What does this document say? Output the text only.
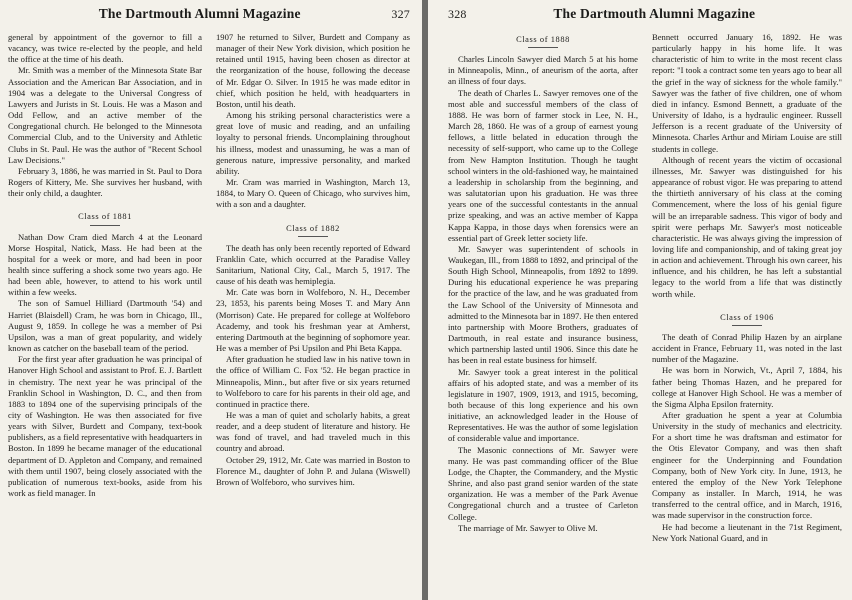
The Dartmouth Alumni Magazine	327

general by appointment of the governor to fill a vacancy, was twice re-elected by the people, and held the office at the time of his death.

Mr. Smith was a member of the Minnesota State Bar Association and the American Bar Association, and in 1904 was a delegate to the Universal Congress of Lawyers and Jurists in St. Louis. He was a Mason and Odd Fellow, and an active member of the Congregational church. He belonged to the Minnesota Commercial Club, and to the University and Athletic Clubs in St. Paul. He was the author of "Recent School Law Decisions."

February 3, 1886, he was married in St. Paul to Dora Rogers of Kittery, Me. She survives her husband, with their only child, a daughter.

Class of 1881

Nathan Dow Cram died March 4 at the Leonard Morse Hospital, Natick, Mass. He had been at the hospital for a week or more, and had been in poor health since suffering a shock some two years ago. He had been able, however, to attend to his work until within a few weeks.

The son of Samuel Hilliard (Dartmouth '54) and Harriet (Blaisdell) Cram, he was born in Chicago, Ill., August 9, 1859. In college he was a member of Psi Upsilon, was a man of great popularity, and widely known as catcher on the baseball team of the period.

For the first year after graduation he was principal of Hanover High School and assistant to Prof. E. J. Bartlett in chemistry. The next year he was principal of the Franklin School in Washington, D. C., and then from 1883 to 1894 one of the supervising principals of the city of Washington. He was then associated for five years with Silver, Burdett and Company, text-book publishers, as a field representative with headquarters in Boston. In 1899 he became manager of the educational department of D. Appleton and Company, and remained with them until 1907, being closely associated with the publication of numerous text-books, aside from his work as field manager. In

1907 he returned to Silver, Burdett and Company as manager of their New York division, which position he retained until 1915, having been chosen as director at the reorganization of the house, following the decease of Mr. Edgar O. Silver. In 1915 he was made editor in chief, which position he held, with headquarters in Boston, until his death.

Among his striking personal characteristics were a great love of music and reading, and an unfailing loyalty to personal friends. Uncomplaining throughout his illness, modest and unassuming, he was a man of generous nature, impressive personality, and marked ability.

Mr. Cram was married in Washington, March 13, 1884, to Mary O. Queen of Chicago, who survives him, with a son and a daughter.

Class of 1882

The death has only been recently reported of Edward Franklin Cate, which occurred at the Paradise Valley Sanitarium, National City, Cal., March 5, 1917. The cause of his death was hemiplegia.

Mr. Cate was born in Wolfeboro, N. H., December 23, 1853, his parents being Moses T. and Mary Ann (Morrison) Cate. He prepared for college at Wolfeboro Academy, and took his freshman year at Amherst, entering Dartmouth at the beginning of sophomore year. He was a member of Psi Upsilon and Phi Beta Kappa.

After graduation he studied law in his native town in the office of William C. Fox '52. He began practice in Minneapolis, Minn., but after five or six years returned to Wolfeboro to care for his parents in their old age, and continued in practice there.

He was a man of quiet and scholarly habits, a great reader, and a deep student of literature and history. He was fond of travel, and had traveled much in this country and abroad.

October 29, 1912, Mr. Cate was married in Boston to Florence M., daughter of John P. and Julana (Wiswell) Brown of Wolfeboro, who survives him.

328	The Dartmouth Alumni Magazine
Class of 1888

Charles Lincoln Sawyer died March 5 at his home in Minneapolis, Minn., of aneurism of the aorta, after an illness of four days.

The death of Charles L. Sawyer removes one of the most able and successful members of the class of 1888. He was born of farmer stock in Lee, N. H., March 28, 1860. He was of a group of earnest young fellows, a little belated in education through the necessity of self-support, who came up to the College from New Hampton Institution. Though he taught school winters in the old-fashioned way, he maintained a leadership in scholarship from the beginning, and was salutatorian upon his graduation. He was three years one of the successful contestants in the annual prize speaking, and was an active member of Kappa Kappa Kappa, in those days when forensics were an essential part of Greek letter society life.

Mr. Sawyer was superintendent of schools in Waukegan, Ill., from 1888 to 1892, and principal of the South High School, Minneapolis, from 1892 to 1899. During his educational experience he was preparing for the practice of the law, and he was graduated from the Law School of the University of Minnesota and admitted to the Minnesota bar in 1897. He then entered into partnership with Moore Brothers, graduates of Dartmouth, in real estate and insurance business, which partnership lasted until 1906. Since this date he has been in real estate business for himself.

Mr. Sawyer took a great interest in the political affairs of his adopted state, and was a member of its legislature in 1907, 1909, 1913, and 1915, becoming, both because of this long experience and his own initiative, an acknowledged leader in the House of Representatives. He was the author of some legislation of considerable value and importance.

The Masonic connections of Mr. Sawyer were many. He was past commanding officer of the Blue Lodge, the Chapter, the Commandery, and the Mystic Shrine, and also past grand senior warden of the state organization. He was a member of the Park Avenue Congregational church and a trustee of Carleton College.

The marriage of Mr. Sawyer to Olive M.

Bennett occurred January 16, 1892. He was particularly happy in his home life. It was characteristic of him to write in the most recent class report: "I took a contract some ten years ago to bear all the grief in the way of sickness for the whole family." Sawyer was the father of five children, one of whom died in infancy. Esmond Bennett, a graduate of the University of Idaho, is a hydraulic engineer. Russell Jefferson is a recent graduate of the University of Minnesota. Charles Arthur and Miriam Louise are still students in college.

Although of recent years the victim of occasional illnesses, Mr. Sawyer was distinguished for his appearance of robust vigor. He was preparing to attend the thirtieth anniversary of his class at the coming Commencement, where the loss of his genial figure will be an irreparable sadness. This vigor of body and spirit were perhaps Mr. Sawyer's most noticeable characteristic. He was always giving the impression of loving life and companionship, and of taking great joy in action and achievement. Through his own career, his influence, and his children, he has left a substantial legacy to the world from a life that was distinctly worth while.

Class of 1906

The death of Conrad Philip Hazen by an airplane accident in France, February 11, was noted in the last number of the Magazine.

He was born in Norwich, Vt., April 7, 1884, his father being Thomas Hazen, and he prepared for college at Hanover High School. He was a member of the Sigma Alpha Epsilon fraternity.

After graduation he spent a year at Columbia University in the study of mechanics and electricity. For a short time he was draftsman and estimator for the Otis Elevator Company, and was then shaft engineer for the Underpinning and Foundation Company, both of New York city. In June, 1913, he entered the employ of the New York Telephone Company as installer. In March, 1914, he was transferred to the central office, and in March, 1916, was made supervisor in the construction force.

He had become a lieutenant in the 71st Regiment, New York National Guard, and in
